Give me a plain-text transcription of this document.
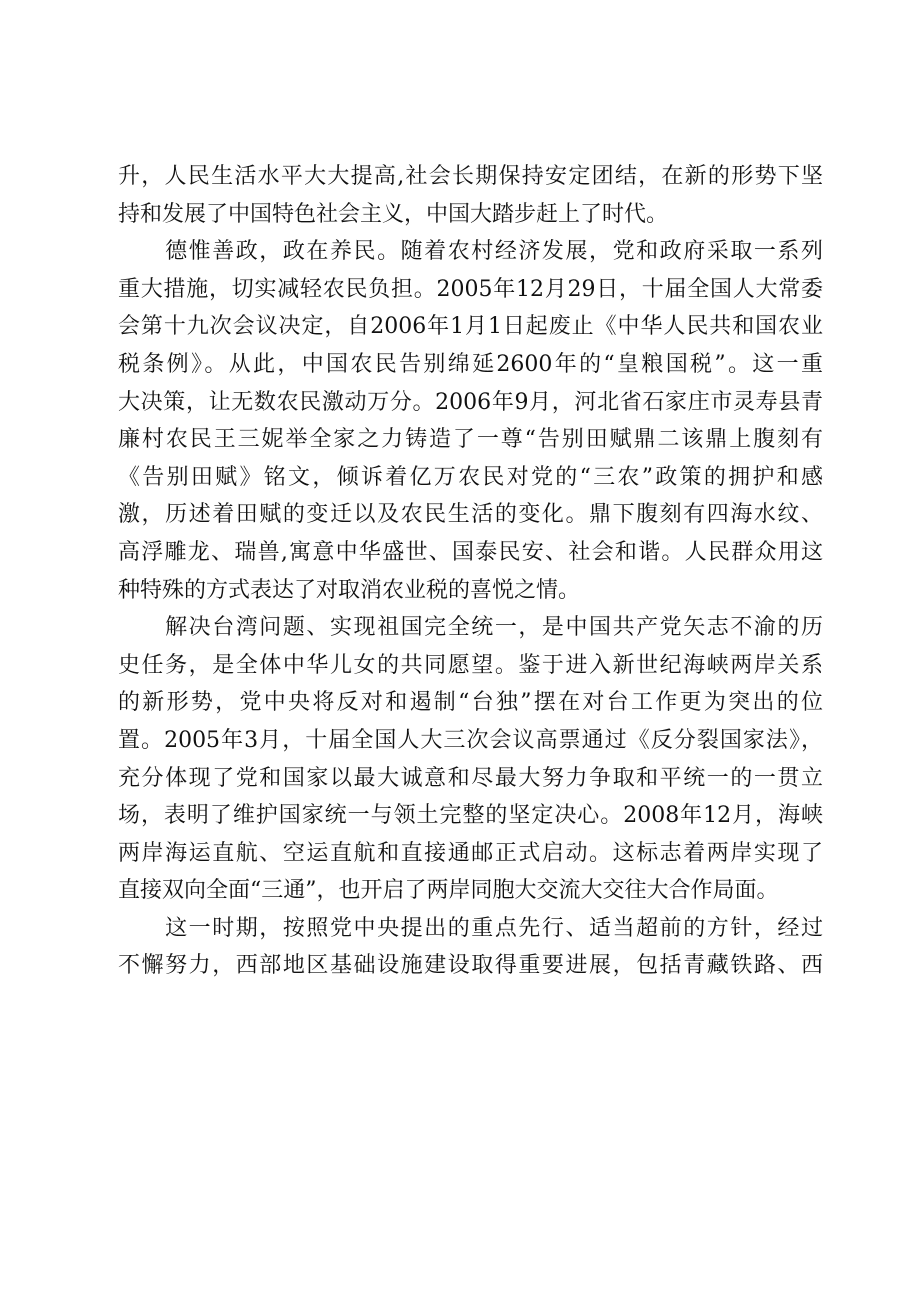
升，人民生活水平大大提高,社会长期保持安定团结，在新的形势下坚
持和发展了中国特色社会主义，中国大踏步赶上了时代。
　　德惟善政，政在养民。随着农村经济发展，党和政府采取一系列
重大措施，切实减轻农民负担。2005年12月29日，十届全国人大常委
会第十九次会议决定，自2006年1月1日起废止《中华人民共和国农业
税条例》。从此，中国农民告别绵延2600年的“皇粮国税”。这一重
大决策，让无数农民激动万分。2006年9月，河北省石家庄市灵寿县青
廉村农民王三妮举全家之力铸造了一尊“告别田赋鼎二该鼎上腹刻有
《告别田赋》铭文，倾诉着亿万农民对党的“三农”政策的拥护和感
激，历述着田赋的变迁以及农民生活的变化。鼎下腹刻有四海水纹、
高浮雕龙、瑞兽,寓意中华盛世、国泰民安、社会和谐。人民群众用这
种特殊的方式表达了对取消农业税的喜悦之情。
　　解决台湾问题、实现祖国完全统一，是中国共产党矢志不渝的历
史任务，是全体中华儿女的共同愿望。鉴于进入新世纪海峡两岸关系
的新形势，党中央将反对和遏制“台独”摆在对台工作更为突出的位
置。2005年3月，十届全国人大三次会议高票通过《反分裂国家法》，
充分体现了党和国家以最大诚意和尽最大努力争取和平统一的一贯立
场，表明了维护国家统一与领土完整的坚定决心。2008年12月，海峡
两岸海运直航、空运直航和直接通邮正式启动。这标志着两岸实现了
直接双向全面“三通”，也开启了两岸同胞大交流大交往大合作局面。
　　这一时期，按照党中央提出的重点先行、适当超前的方针，经过
不懈努力，西部地区基础设施建设取得重要进展，包括青藏铁路、西
